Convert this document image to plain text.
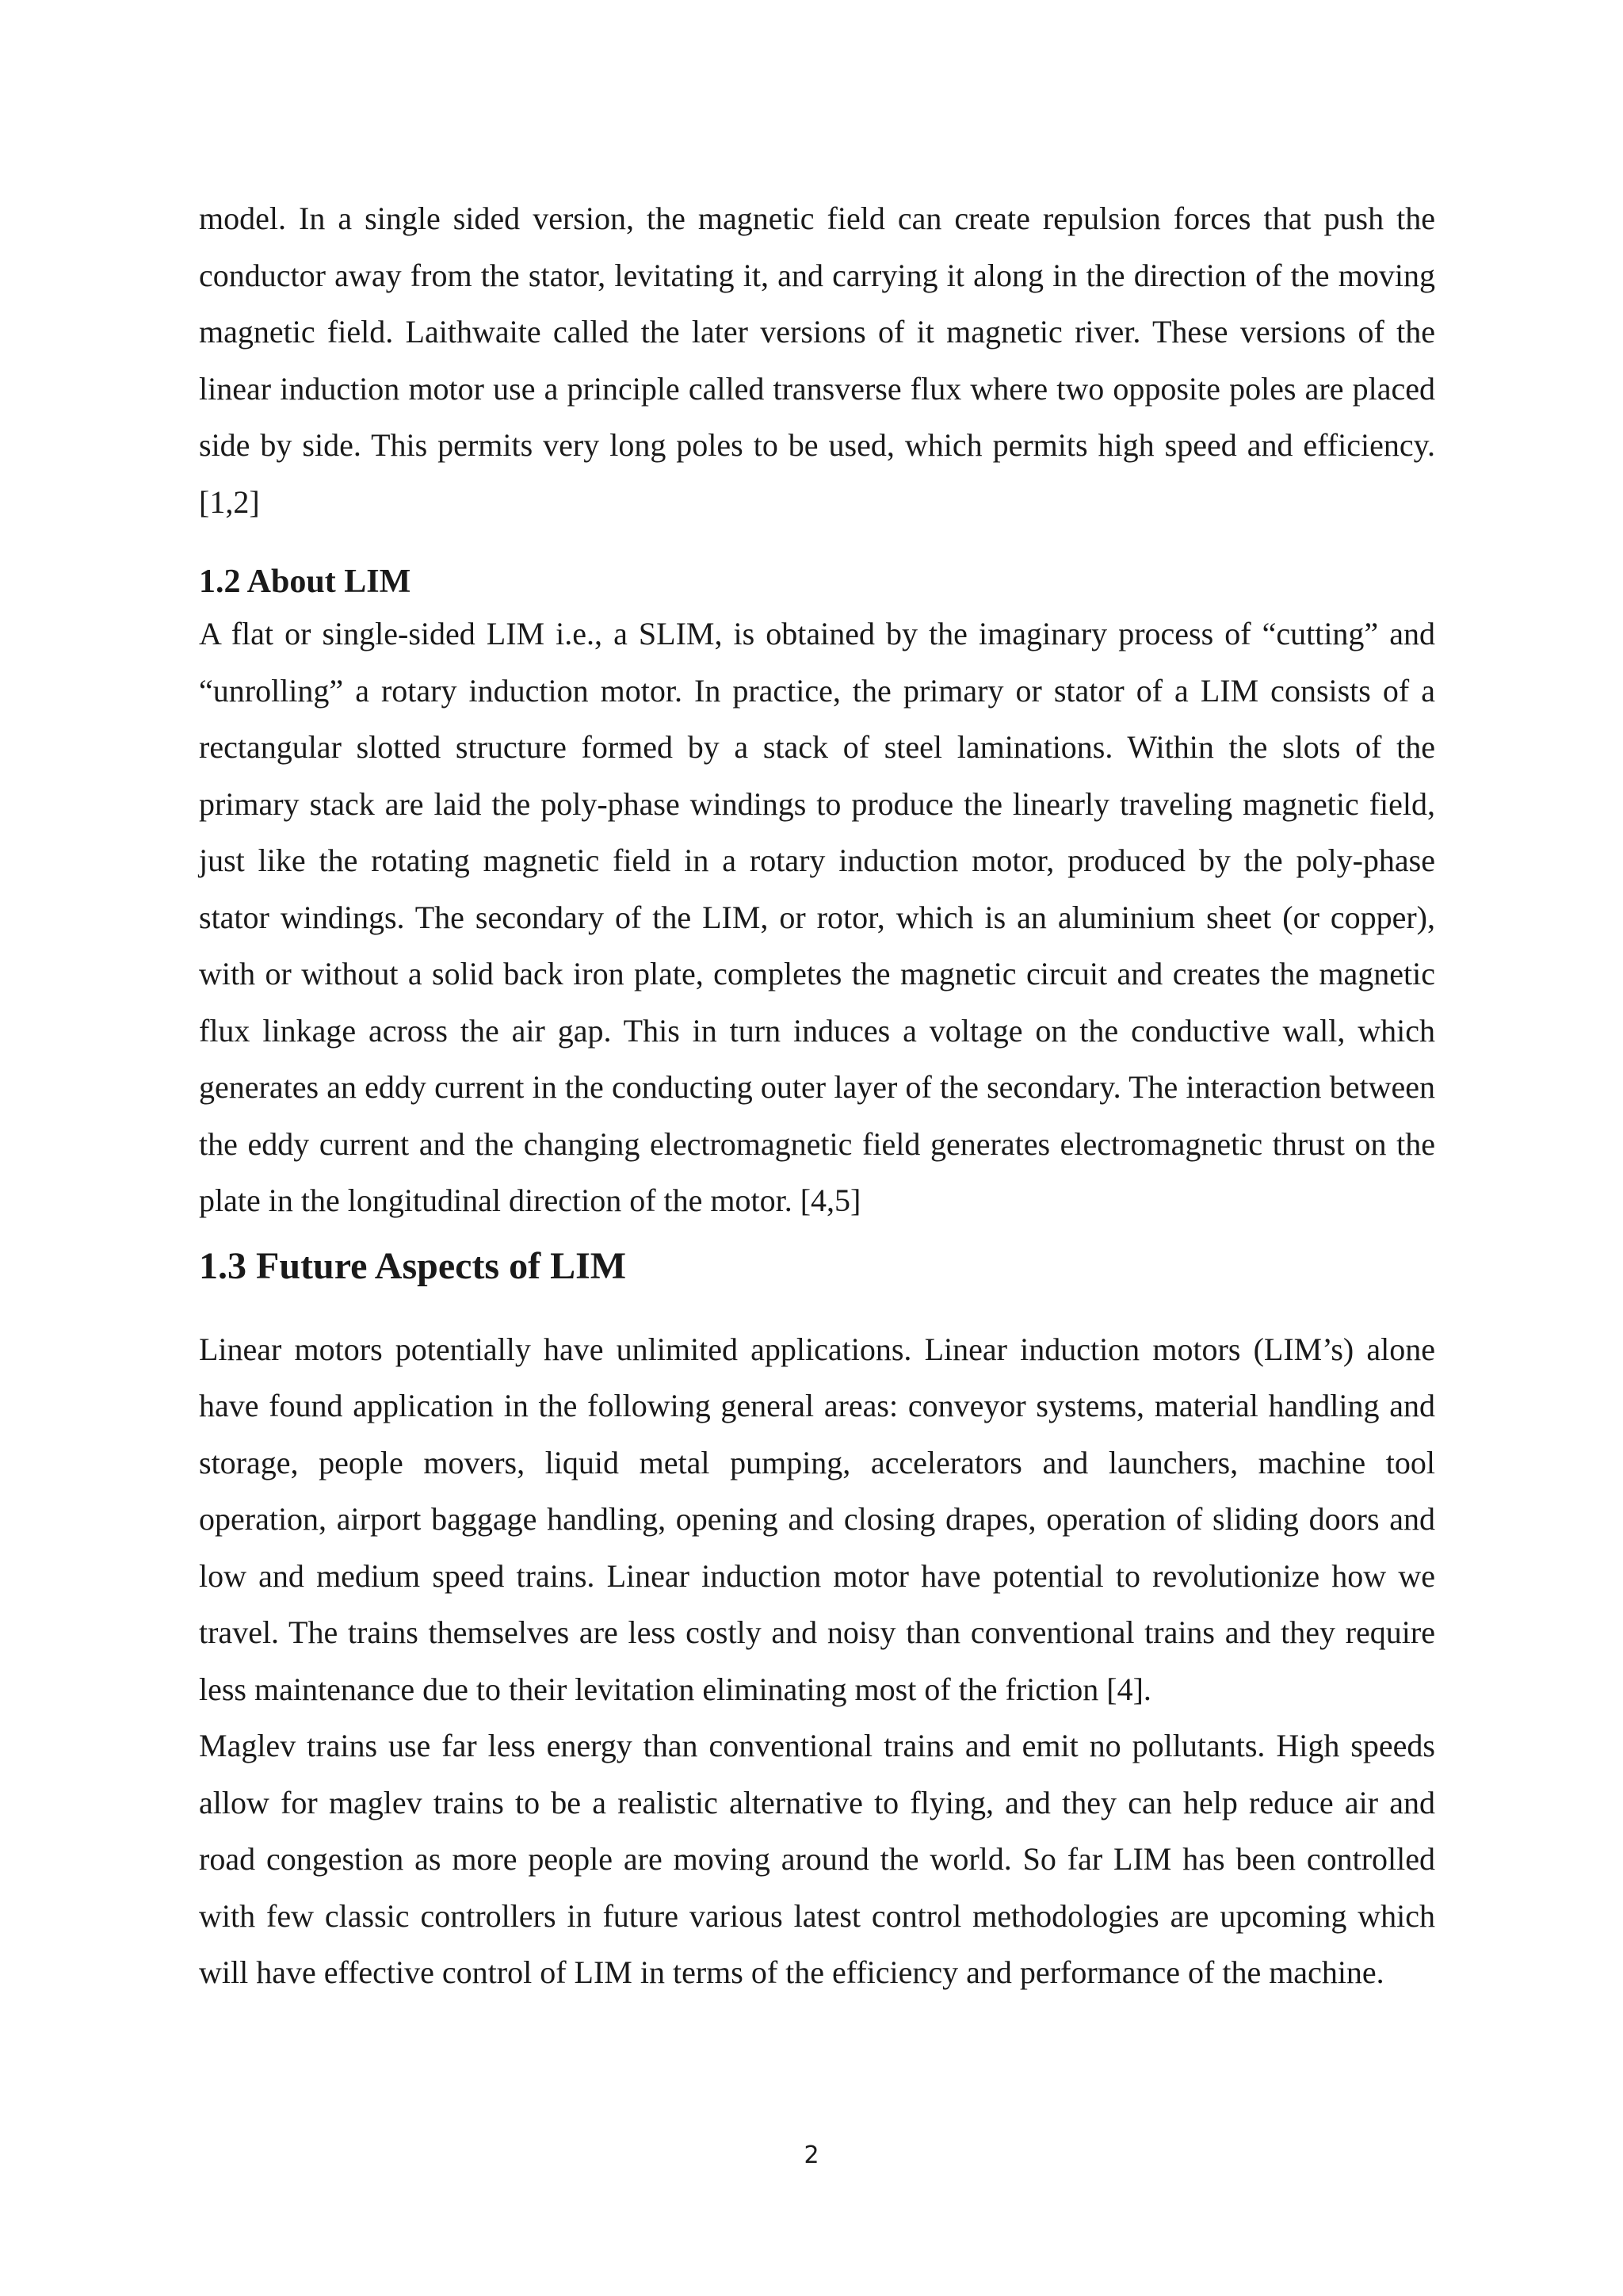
model. In a single sided version, the magnetic field can create repulsion forces that push the conductor away from the stator, levitating it, and carrying it along in the direction of the moving magnetic field. Laithwaite called the later versions of it magnetic river. These versions of the linear induction motor use a principle called transverse flux where two opposite poles are placed side by side. This permits very long poles to be used, which permits high speed and efficiency. [1,2]

1.2 About LIM

A flat or single-sided LIM i.e., a SLIM, is obtained by the imaginary process of “cutting” and “unrolling” a rotary induction motor. In practice, the primary or stator of a LIM consists of a rectangular slotted structure formed by a stack of steel laminations. Within the slots of the primary stack are laid the poly-phase windings to produce the linearly traveling magnetic field, just like the rotating magnetic field in a rotary induction motor, produced by the poly-phase stator windings. The secondary of the LIM, or rotor, which is an aluminium sheet (or copper), with or without a solid back iron plate, completes the magnetic circuit and creates the magnetic flux linkage across the air gap. This in turn induces a voltage on the conductive wall, which generates an eddy current in the conducting outer layer of the secondary. The interaction between the eddy current and the changing electromagnetic field generates electromagnetic thrust on the plate in the longitudinal direction of the motor. [4,5]

1.3 Future Aspects of LIM

Linear motors potentially have unlimited applications. Linear induction motors (LIM’s) alone have found application in the following general areas: conveyor systems, material handling and storage, people movers, liquid metal pumping, accelerators and launchers, machine tool operation, airport baggage handling, opening and closing drapes, operation of sliding doors and low and medium speed trains. Linear induction motor have potential to revolutionize how we travel. The trains themselves are less costly and noisy than conventional trains and they require less maintenance due to their levitation eliminating most of the friction [4].

Maglev trains use far less energy than conventional trains and emit no pollutants. High speeds allow for maglev trains to be a realistic alternative to flying, and they can help reduce air and road congestion as more people are moving around the world. So far LIM has been controlled with few classic controllers in future various latest control methodologies are upcoming which will have effective control of LIM in terms of the efficiency and performance of the machine.

2
